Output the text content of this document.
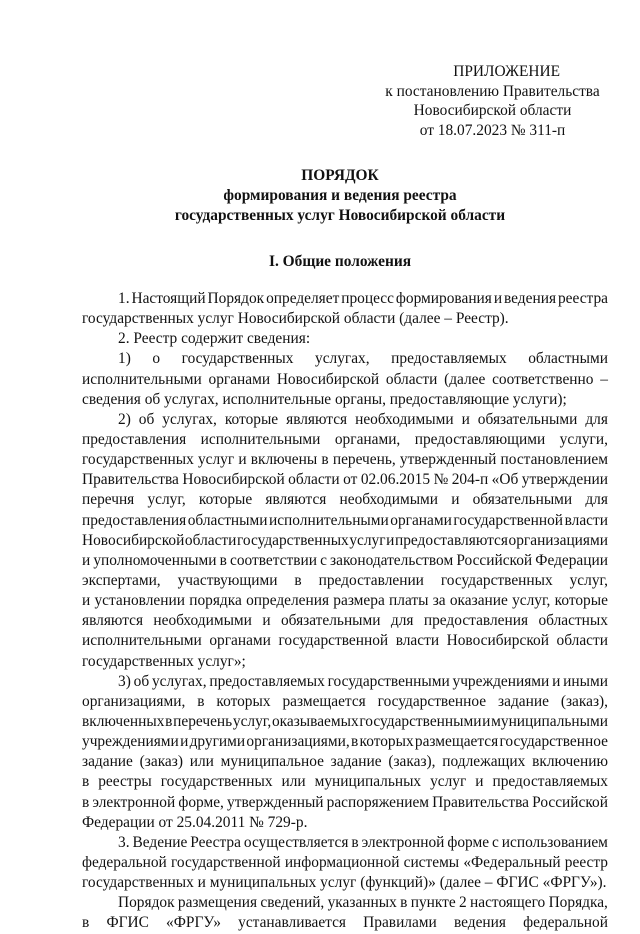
ПРИЛОЖЕНИЕ
к постановлению Правительства
Новосибирской области
от 18.07.2023 № 311-п
ПОРЯДОК
формирования и ведения реестра
государственных услуг Новосибирской области
I. Общие положения
1. Настоящий Порядок определяет процесс формирования и ведения реестра
государственных услуг Новосибирской области (далее – Реестр).
2. Реестр содержит сведения:
1) о государственных услугах, предоставляемых областными
исполнительными органами Новосибирской области (далее соответственно –
сведения об услугах, исполнительные органы, предоставляющие услуги);
2) об услугах, которые являются необходимыми и обязательными для
предоставления исполнительными органами, предоставляющими услуги,
государственных услуг и включены в перечень, утвержденный постановлением
Правительства Новосибирской области от 02.06.2015 № 204-п «Об утверждении
перечня услуг, которые являются необходимыми и обязательными для
предоставления областными исполнительными органами государственной власти
Новосибирской области государственных услуг и предоставляются организациями
и уполномоченными в соответствии с законодательством Российской Федерации
экспертами, участвующими в предоставлении государственных услуг,
и установлении порядка определения размера платы за оказание услуг, которые
являются необходимыми и обязательными для предоставления областных
исполнительными органами государственной власти Новосибирской области
государственных услуг»;
3) об услугах, предоставляемых государственными учреждениями и иными
организациями, в которых размещается государственное задание (заказ),
включенных в перечень услуг, оказываемых государственными и муниципальными
учреждениями и другими организациями, в которых размещается государственное
задание (заказ) или муниципальное задание (заказ), подлежащих включению
в реестры государственных или муниципальных услуг и предоставляемых
в электронной форме, утвержденный распоряжением Правительства Российской
Федерации от 25.04.2011 № 729-р.
3. Ведение Реестра осуществляется в электронной форме с использованием
федеральной государственной информационной системы «Федеральный реестр
государственных и муниципальных услуг (функций)» (далее – ФГИС «ФРГУ»).
Порядок размещения сведений, указанных в пункте 2 настоящего Порядка,
в ФГИС «ФРГУ» устанавливается Правилами ведения федеральной
